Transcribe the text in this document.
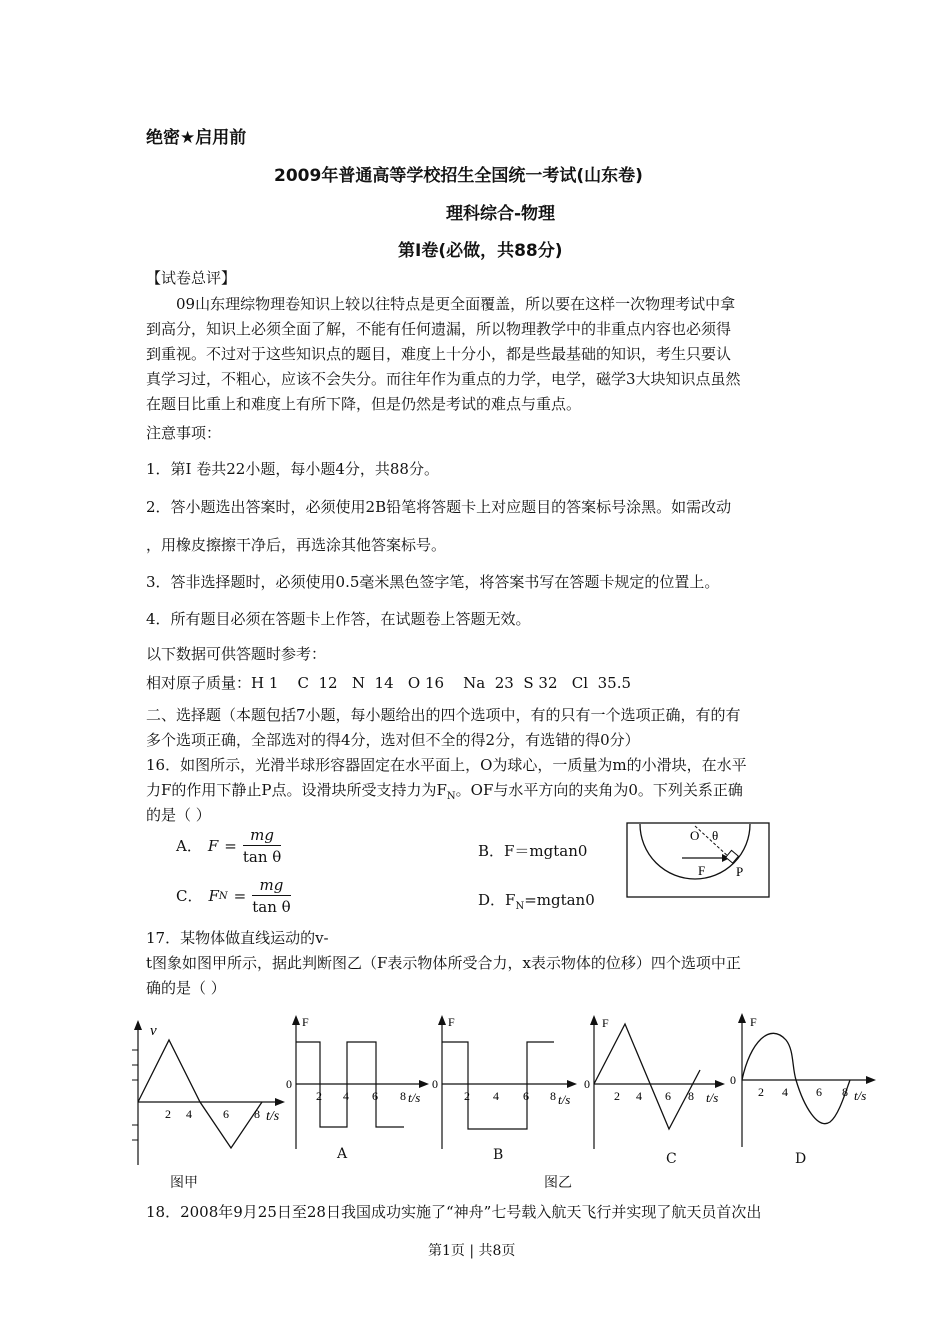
绝密★启用前
2009年普通高等学校招生全国统一考试(山东卷)
理科综合-物理
第Ⅰ卷(必做，共88分)
【试卷总评】
09山东理综物理卷知识上较以往特点是更全面覆盖，所以要在这样一次物理考试中拿
到高分，知识上必须全面了解，不能有任何遗漏，所以物理教学中的非重点内容也必须得
到重视。不过对于这些知识点的题目，难度上十分小，都是些最基础的知识，考生只要认
真学习过，不粗心，应该不会失分。而往年作为重点的力学，电学，磁学3大块知识点虽然
在题目比重上和难度上有所下降，但是仍然是考试的难点与重点。
注意事项：
1．第I 卷共22小题，每小题4分，共88分。
2．答小题选出答案时，必须使用2B铅笔将答题卡上对应题目的答案标号涂黑。如需改动
，用橡皮擦擦干净后，再选涂其他答案标号。
3．答非选择题时，必须使用0.5毫米黑色签字笔，将答案书写在答题卡规定的位置上。
4．所有题目必须在答题卡上作答，在试题卷上答题无效。
以下数据可供答题时参考：
相对原子质量：H 1    C  12   N  14   O 16    Na  23  S 32   Cl  35.5
二、选择题（本题包括7小题，每小题给出的四个选项中，有的只有一个选项正确，有的有
多个选项正确，全部选对的得4分，选对但不全的得2分，有选错的得0分）
16．如图所示，光滑半球形容器固定在水平面上，O为球心，一质量为m的小滑块，在水平
力F的作用下静止P点。设滑块所受支持力为$F_N$。OF与水平方向的夹角为0。下列关系正确
的是（ ）
A． $F = \frac{mg}{\text{tan θ}}$	B．F＝mgtan0
C． F $N = \frac{mg}{\text{tan θ}}$	D．$F_N=mgtan0$
O θ
F P
17．某物体做直线运动的v-
t图象如图甲所示，据此判断图乙（F表示物体所受合力，x表示物体的位移）四个选项中正
确的是（ ）
v
2 4	6 8 t/s
图甲
F
0
2 4 6 8 t/s
A
F
0
2 4 6 8 t/s
B
F
0
2 4 6 8 t/s
C
F
0
2 4 6 8 t/s
D
图乙
18．2008年9月25日至28日我国成功实施了“神舟”七号载入航天飞行并实现了航天员首次出
第1页 | 共8页
